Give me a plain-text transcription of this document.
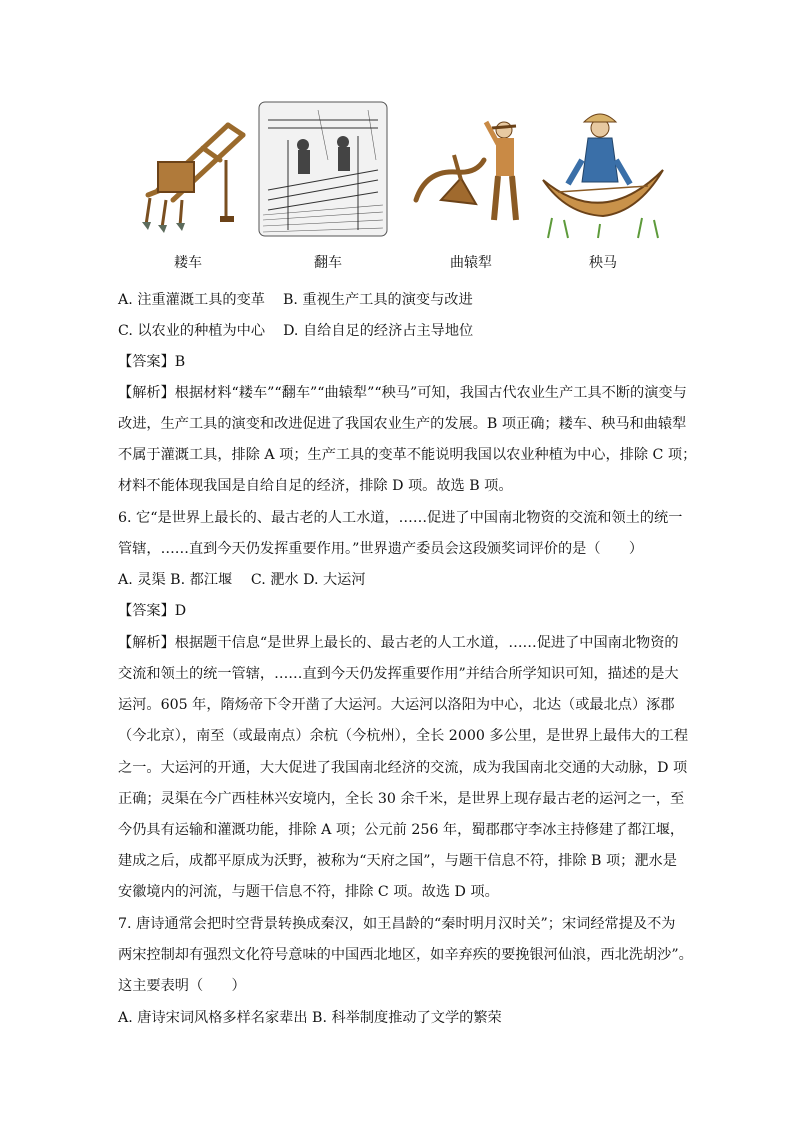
耧车	翻车	曲辕犁	秧马
A. 注重灌溉工具的变革 B. 重视生产工具的演变与改进
C. 以农业的种植为中心 D. 自给自足的经济占主导地位
【答案】B
【解析】根据材料“耧车”“翻车”“曲辕犁”“秧马”可知，我国古代农业生产工具不断的演变与
改进，生产工具的演变和改进促进了我国农业生产的发展。B 项正确；耧车、秧马和曲辕犁
不属于灌溉工具，排除 A 项；生产工具的变革不能说明我国以农业种植为中心，排除 C 项；
材料不能体现我国是自给自足的经济，排除 D 项。故选 B 项。
6. 它“是世界上最长的、最古老的人工水道，……促进了中国南北物资的交流和领土的统一
管辖，……直到今天仍发挥重要作用。”世界遗产委员会这段颁奖词评价的是（　　）
A. 灵渠 B. 都江堰　 C. 淝水 D. 大运河
【答案】D
【解析】根据题干信息“是世界上最长的、最古老的人工水道，……促进了中国南北物资的
交流和领土的统一管辖，……直到今天仍发挥重要作用”并结合所学知识可知，描述的是大
运河。605 年，隋炀帝下令开凿了大运河。大运河以洛阳为中心，北达（或最北点）涿郡
（今北京），南至（或最南点）余杭（今杭州），全长 2000 多公里，是世界上最伟大的工程
之一。大运河的开通，大大促进了我国南北经济的交流，成为我国南北交通的大动脉，D 项
正确；灵渠在今广西桂林兴安境内，全长 30 余千米，是世界上现存最古老的运河之一，至
今仍具有运输和灌溉功能，排除 A 项；公元前 256 年，蜀郡郡守李冰主持修建了都江堰，
建成之后，成都平原成为沃野，被称为“天府之国”，与题干信息不符，排除 B 项；淝水是
安徽境内的河流，与题干信息不符，排除 C 项。故选 D 项。
7. 唐诗通常会把时空背景转换成秦汉，如王昌龄的“秦时明月汉时关”；宋词经常提及不为
两宋控制却有强烈文化符号意味的中国西北地区，如辛弃疾的要挽银河仙浪，西北洗胡沙”。
这主要表明（　　）
A. 唐诗宋词风格多样名家辈出 B. 科举制度推动了文学的繁荣
